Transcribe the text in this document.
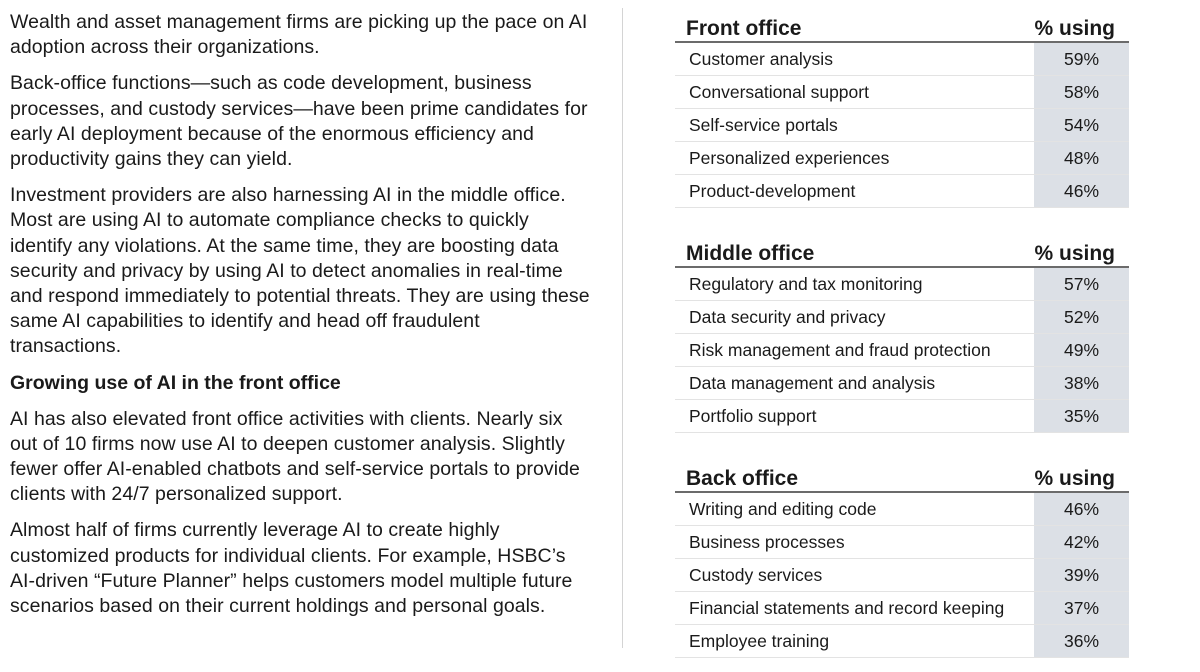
Wealth and asset management firms are picking up the pace on AI adoption across their organizations.

Back-office functions—such as code development, business processes, and custody services—have been prime candidates for early AI deployment because of the enormous efficiency and productivity gains they can yield.

Investment providers are also harnessing AI in the middle office. Most are using AI to automate compliance checks to quickly identify any violations. At the same time, they are boosting data security and privacy by using AI to detect anomalies in real-time and respond immediately to potential threats. They are using these same AI capabilities to identify and head off fraudulent transactions.

Growing use of AI in the front office

AI has also elevated front office activities with clients. Nearly six out of 10 firms now use AI to deepen customer analysis. Slightly fewer offer AI-enabled chatbots and self-service portals to provide clients with 24/7 personalized support.

Almost half of firms currently leverage AI to create highly customized products for individual clients. For example, HSBC’s AI-driven “Future Planner” helps customers model multiple future scenarios based on their current holdings and personal goals.

Front office	% using
Customer analysis	59%
Conversational support	58%
Self-service portals	54%
Personalized experiences	48%
Product-development	46%
Middle office	% using
Regulatory and tax monitoring	57%
Data security and privacy	52%
Risk management and fraud protection	49%
Data management and analysis	38%
Portfolio support	35%
Back office	% using
Writing and editing code	46%
Business processes	42%
Custody services	39%
Financial statements and record keeping	37%
Employee training	36%
